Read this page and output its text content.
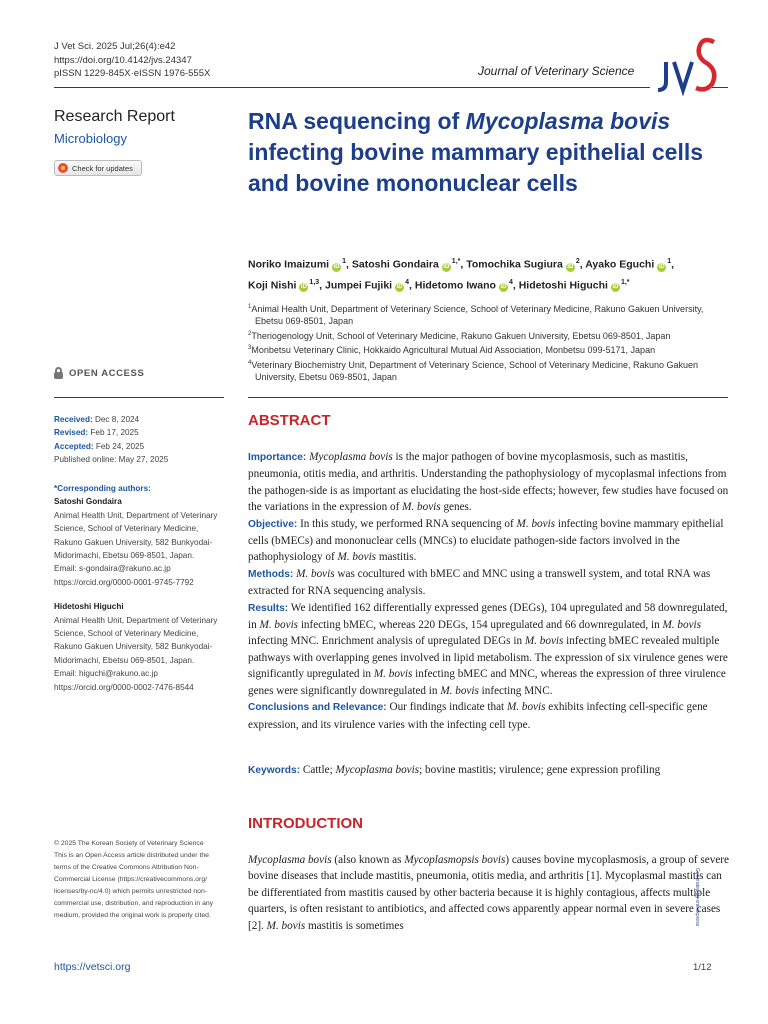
J Vet Sci. 2025 Jul;26(4):e42
https://doi.org/10.4142/jvs.24347
pISSN 1229-845X·eISSN 1976-555X	Journal of Veterinary Science
Research Report
Microbiology
Check for updates
OPEN ACCESS
Received: Dec 8, 2024
Revised: Feb 17, 2025
Accepted: Feb 24, 2025
Published online: May 27, 2025
*Corresponding authors:
Satoshi Gondaira
Animal Health Unit, Department of Veterinary
Science, School of Veterinary Medicine,
Rakuno Gakuen University, 582 Bunkyodai-
Midorimachi, Ebetsu 069-8501, Japan.
Email: s-gondaira@rakuno.ac.jp
https://orcid.org/0000-0001-9745-7792
Hidetoshi Higuchi
Animal Health Unit, Department of Veterinary
Science, School of Veterinary Medicine,
Rakuno Gakuen University, 582 Bunkyodai-
Midorimachi, Ebetsu 069-8501, Japan.
Email: higuchi@rakuno.ac.jp
https://orcid.org/0000-0002-7476-8544
© 2025 The Korean Society of Veterinary Science
This is an Open Access article distributed under the
terms of the Creative Commons Attribution Non-
Commercial License (https://creativecommons.org/
licenses/by-nc/4.0) which permits unrestricted non-
commercial use, distribution, and reproduction in any
medium, provided the original work is properly cited.
RNA sequencing of Mycoplasma bovis infecting bovine mammary epithelial cells and bovine mononuclear cells
Noriko Imaizumi $iD^1$, Satoshi Gondaira $iD^{1,*}$, Tomochika Sugiura $iD^2$, Ayako Eguchi $iD^1$,
Koji Nishi iD$^{1,3}$, Jumpei Fujiki $iD^4$, Hidetomo Iwano $iD^4$, Hidetoshi Higuchi $iD^{1,*}$
$^1$Animal Health Unit, Department of Veterinary Science, School of Veterinary Medicine, Rakuno Gakuen University, Ebetsu 069-8501, Japan
$^2$Theriogenology Unit, School of Veterinary Medicine, Rakuno Gakuen University, Ebetsu 069-8501, Japan
$^3$Monbetsu Veterinary Clinic, Hokkaido Agricultural Mutual Aid Association, Monbetsu 099-5171, Japan
$^4$Veterinary Biochemistry Unit, Department of Veterinary Science, School of Veterinary Medicine, Rakuno Gakuen University, Ebetsu 069-8501, Japan
ABSTRACT
Importance: Mycoplasma bovis is the major pathogen of bovine mycoplasmosis, such as mastitis, pneumonia, otitis media, and arthritis. Understanding the pathophysiology of mycoplasmal infections from the pathogen-side is as important as elucidating the host-side effects; however, few studies have focused on the variations in the expression of M. bovis genes.
Objective: In this study, we performed RNA sequencing of M. bovis infecting bovine mammary epithelial cells (bMECs) and mononuclear cells (MNCs) to elucidate pathogen-side factors involved in the pathophysiology of M. bovis mastitis.
Methods: M. bovis was cocultured with bMEC and MNC using a transwell system, and total RNA was extracted for RNA sequencing analysis.
Results: We identified 162 differentially expressed genes (DEGs), 104 upregulated and 58 downregulated, in M. bovis infecting bMEC, whereas 220 DEGs, 154 upregulated and 66 downregulated, in M. bovis infecting MNC. Enrichment analysis of upregulated DEGs in M. bovis infecting bMEC revealed multiple pathways with overlapping genes involved in lipid metabolism. The expression of six virulence genes were significantly upregulated in M. bovis infecting bMEC and MNC, whereas the expression of three virulence genes were significantly downregulated in M. bovis infecting MNC.
Conclusions and Relevance: Our findings indicate that M. bovis exhibits infecting cell-specific gene expression, and its virulence varies with the infecting cell type.
Keywords: Cattle; Mycoplasma bovis; bovine mastitis; virulence; gene expression profiling
INTRODUCTION
Mycoplasma bovis (also known as Mycoplasmopsis bovis) causes bovine mycoplasmosis, a group of severe bovine diseases that include mastitis, pneumonia, otitis media, and arthritis [1]. Mycoplasmal mastitis can be differentiated from mastitis caused by other bacteria because it is highly contagious, affects multiple quarters, is often resistant to antibiotics, and affected cows apparently appear normal even in severe cases [2]. M. bovis mastitis is sometimes
https://vetsci.org	1/12
Generated by xmlinkpress
